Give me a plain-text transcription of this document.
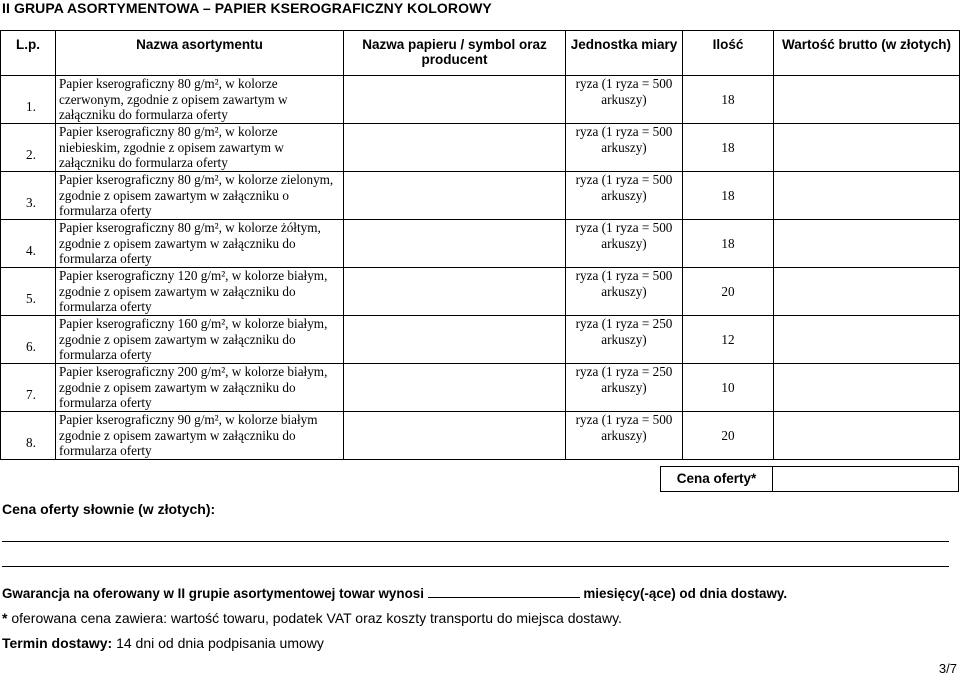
II GRUPA ASORTYMENTOWA – PAPIER KSEROGRAFICZNY KOLOROWY
L.p.	Nazwa asortymentu	Nazwa papieru / symbol oraz producent	Jednostka miary	Ilość	Wartość brutto (w złotych)
1.	Papier kserograficzny 80 g/m², w kolorze czerwonym, zgodnie z opisem zawartym w załączniku do formularza oferty		ryza (1 ryza = 500 arkuszy)	18	
2.	Papier kserograficzny 80 g/m², w kolorze niebieskim, zgodnie z opisem zawartym w załączniku do formularza oferty		ryza (1 ryza = 500 arkuszy)	18	
3.	Papier kserograficzny 80 g/m², w kolorze zielonym, zgodnie z opisem zawartym w załączniku o formularza oferty		ryza (1 ryza = 500 arkuszy)	18	
4.	Papier kserograficzny 80 g/m², w kolorze żółtym, zgodnie z opisem zawartym w załączniku do formularza oferty		ryza (1 ryza = 500 arkuszy)	18	
5.	Papier kserograficzny 120 g/m², w kolorze białym, zgodnie z opisem zawartym w załączniku do formularza oferty		ryza (1 ryza = 500 arkuszy)	20	
6.	Papier kserograficzny 160 g/m², w kolorze białym, zgodnie z opisem zawartym w załączniku do formularza oferty		ryza (1 ryza = 250 arkuszy)	12	
7.	Papier kserograficzny 200 g/m², w kolorze białym, zgodnie z opisem zawartym w załączniku do formularza oferty		ryza (1 ryza = 250 arkuszy)	10	
8.	Papier kserograficzny 90 g/m², w kolorze białym zgodnie z opisem zawartym w załączniku do formularza oferty		ryza (1 ryza = 500 arkuszy)	20	
Cena oferty*
Cena oferty słownie (w złotych):
Gwarancja na oferowany w II grupie asortymentowej towar wynosi	miesięcy(-ące) od dnia dostawy.
* oferowana cena zawiera: wartość towaru, podatek VAT oraz koszty transportu do miejsca dostawy.
Termin dostawy: 14 dni od dnia podpisania umowy
3/7
